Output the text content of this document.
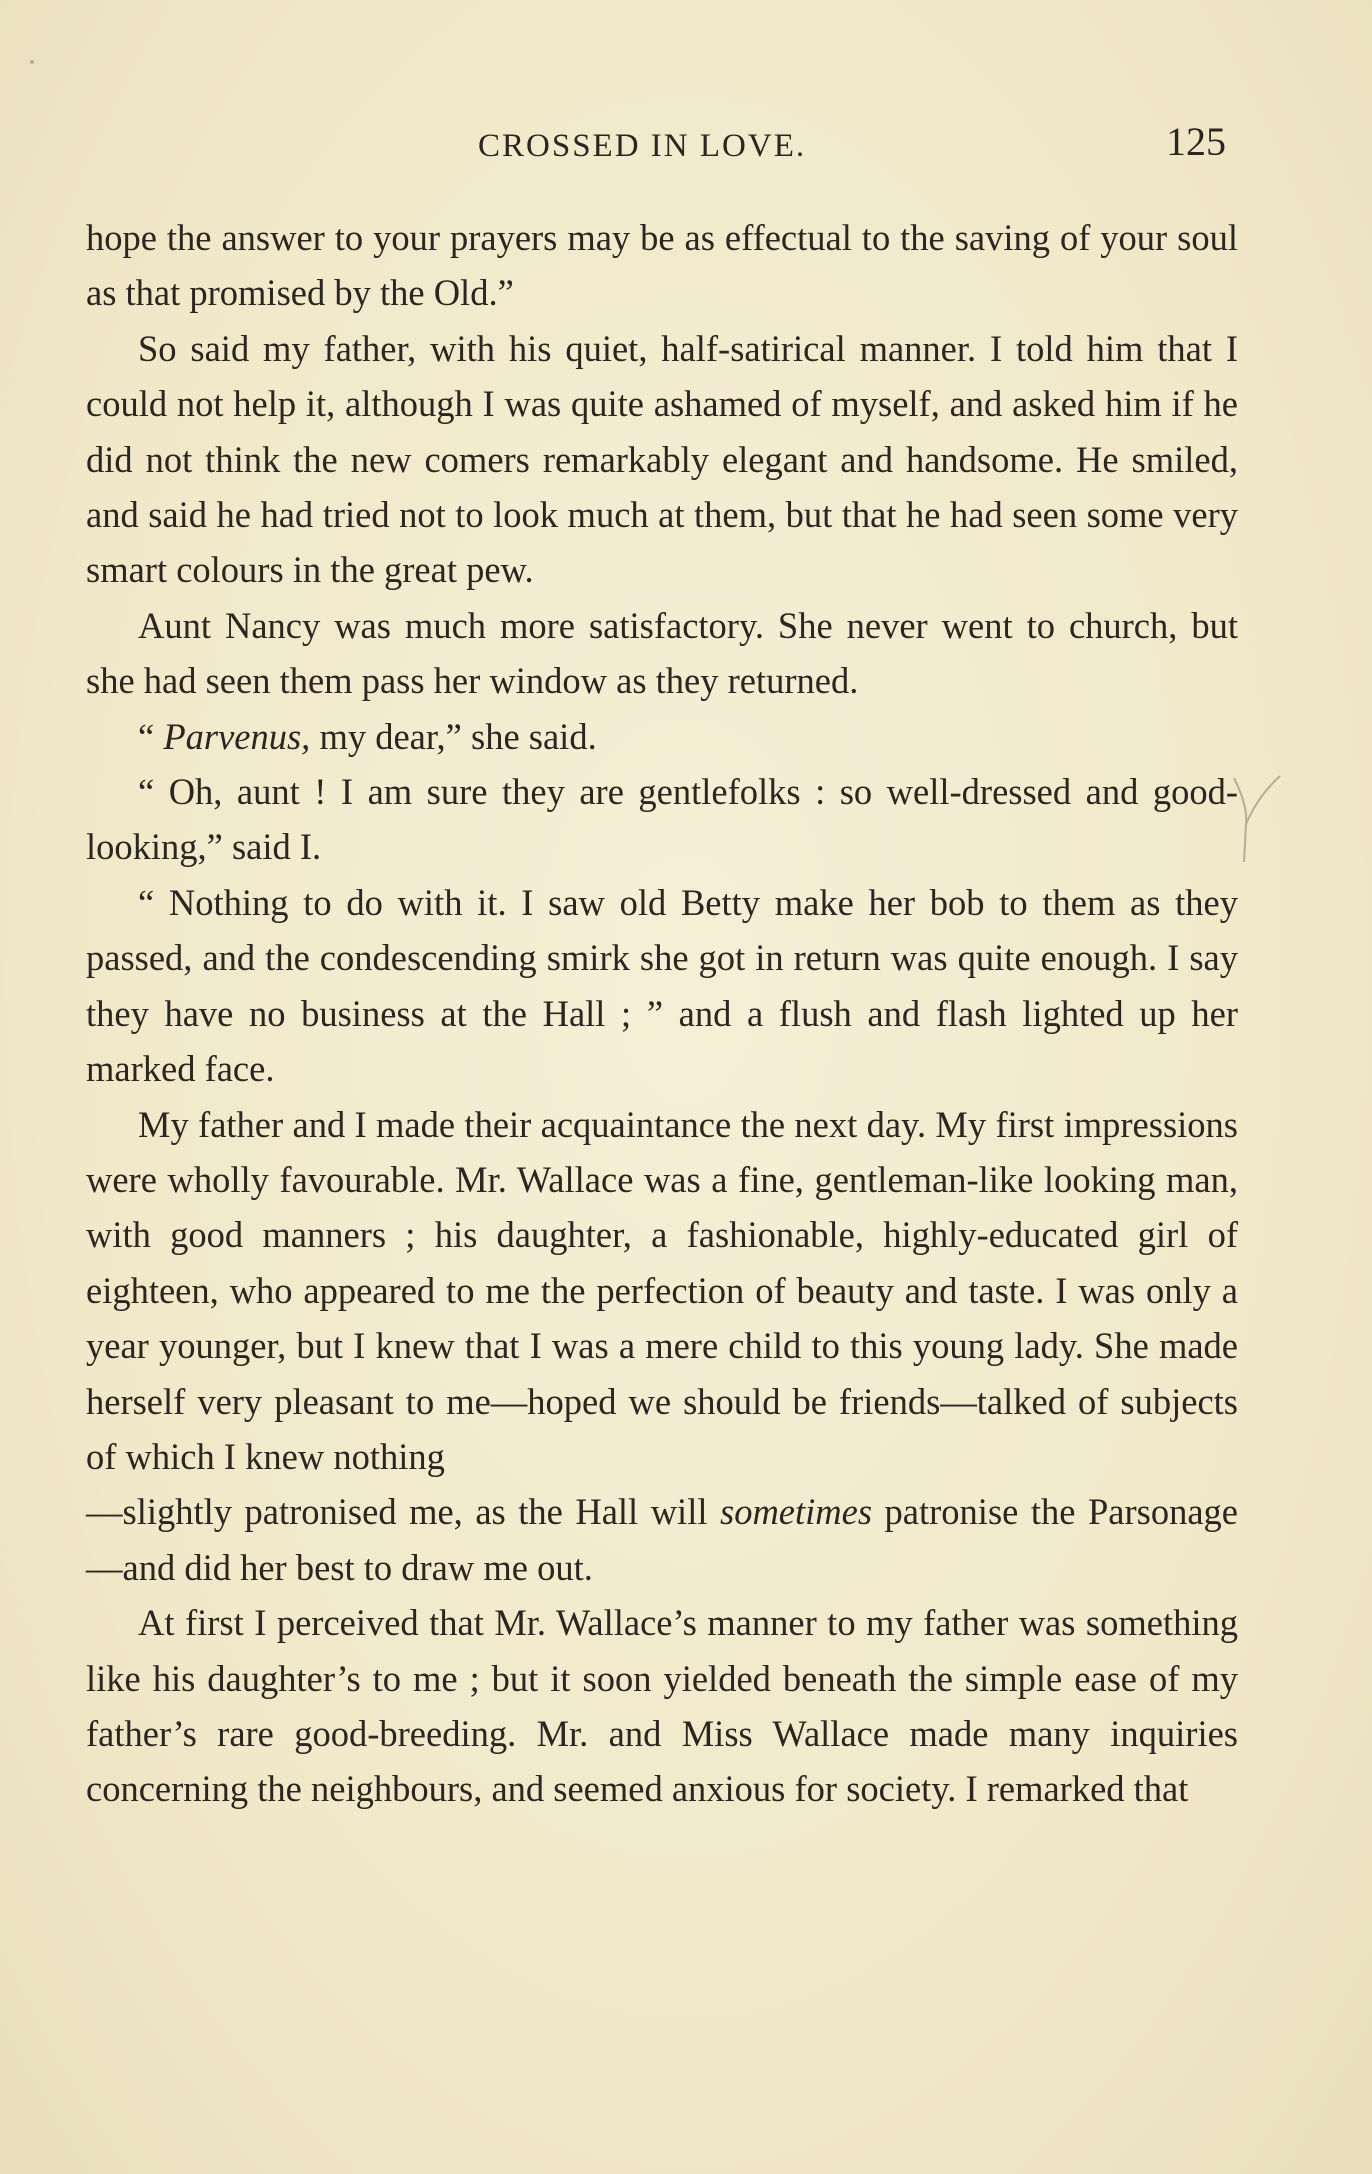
CROSSED IN LOVE.	125

hope the answer to your prayers may be as effectual to the saving of your soul as that promised by the Old.”

So said my father, with his quiet, half-satirical manner. I told him that I could not help it, although I was quite ashamed of myself, and asked him if he did not think the new comers remarkably elegant and handsome. He smiled, and said he had tried not to look much at them, but that he had seen some very smart colours in the great pew.

Aunt Nancy was much more satisfactory. She never went to church, but she had seen them pass her window as they returned.

“ Parvenus, my dear,” she said.

“ Oh, aunt ! I am sure they are gentlefolks : so well-dressed and good-looking,” said I.

“ Nothing to do with it. I saw old Betty make her bob to them as they passed, and the condescending smirk she got in return was quite enough. I say they have no business at the Hall ; ” and a flush and flash lighted up her marked face.

My father and I made their acquaintance the next day. My first impressions were wholly favourable. Mr. Wallace was a fine, gentleman-like looking man, with good manners ; his daughter, a fashionable, highly-educated girl of eighteen, who appeared to me the perfection of beauty and taste. I was only a year younger, but I knew that I was a mere child to this young lady. She made herself very pleasant to me—hoped we should be friends—talked of subjects of which I knew nothing

—slightly patronised me, as the Hall will sometimes patronise the Parsonage—and did her best to draw me out.

At first I perceived that Mr. Wallace’s manner to my father was something like his daughter’s to me ; but it soon yielded beneath the simple ease of my father’s rare good-breeding. Mr. and Miss Wallace made many inquiries concerning the neighbours, and seemed anxious for society. I remarked that
